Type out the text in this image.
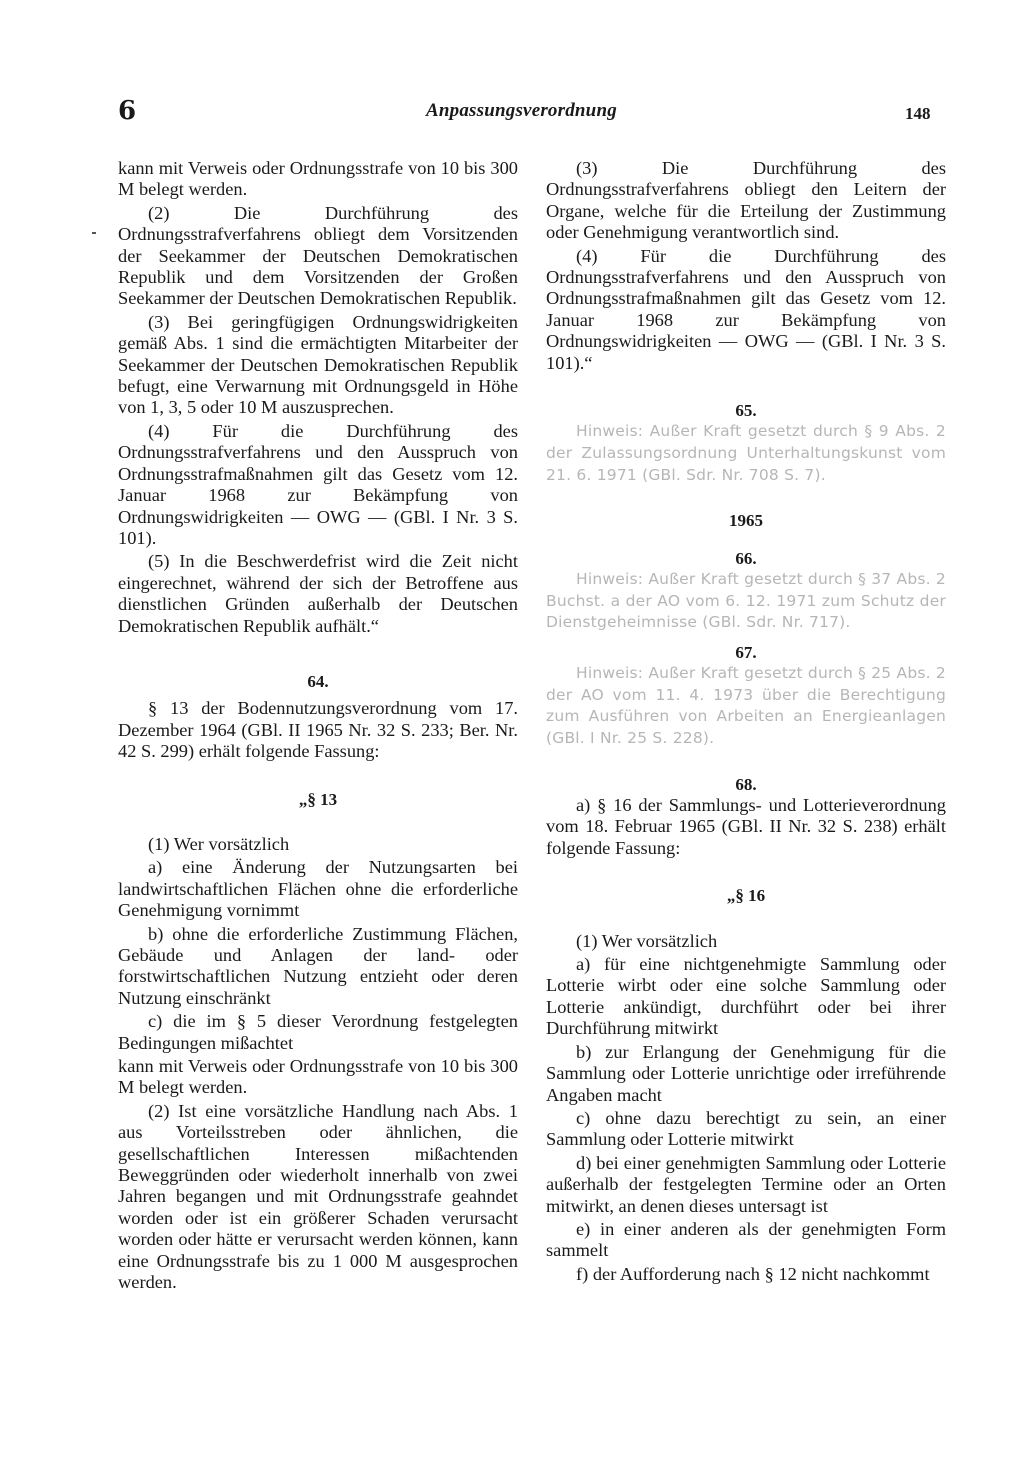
6	Anpassungsverordnung	148

kann mit Verweis oder Ordnungsstrafe von 10 bis 300 M belegt werden.

(2) Die Durchführung des Ordnungsstrafverfahrens obliegt dem Vorsitzenden der Seekammer der Deutschen Demokratischen Republik und dem Vorsitzenden der Großen Seekammer der Deutschen Demokratischen Republik.

(3) Bei geringfügigen Ordnungswidrigkeiten gemäß Abs. 1 sind die ermächtigten Mitarbeiter der Seekammer der Deutschen Demokratischen Republik befugt, eine Verwarnung mit Ordnungsgeld in Höhe von 1, 3, 5 oder 10 M auszusprechen.

(4) Für die Durchführung des Ordnungsstrafverfahrens und den Ausspruch von Ordnungsstrafmaßnahmen gilt das Gesetz vom 12. Januar 1968 zur Bekämpfung von Ordnungswidrigkeiten — OWG — (GBl. I Nr. 3 S. 101).

(5) In die Beschwerdefrist wird die Zeit nicht eingerechnet, während der sich der Betroffene aus dienstlichen Gründen außerhalb der Deutschen Demokratischen Republik aufhält.“

64.

§ 13 der Bodennutzungsverordnung vom 17. Dezember 1964 (GBl. II 1965 Nr. 32 S. 233; Ber. Nr. 42 S. 299) erhält folgende Fassung:

„§ 13

(1) Wer vorsätzlich

a) eine Änderung der Nutzungsarten bei landwirtschaftlichen Flächen ohne die erforderliche Genehmigung vornimmt

b) ohne die erforderliche Zustimmung Flächen, Gebäude und Anlagen der land- oder forstwirtschaftlichen Nutzung entzieht oder deren Nutzung einschränkt

c) die im § 5 dieser Verordnung festgelegten Bedingungen mißachtet

kann mit Verweis oder Ordnungsstrafe von 10 bis 300 M belegt werden.

(2) Ist eine vorsätzliche Handlung nach Abs. 1 aus Vorteilsstreben oder ähnlichen, die gesellschaftlichen Interessen mißachtenden Beweggründen oder wiederholt innerhalb von zwei Jahren begangen und mit Ordnungsstrafe geahndet worden oder ist ein größerer Schaden verursacht worden oder hätte er verursacht werden können, kann eine Ordnungsstrafe bis zu 1 000 M ausgesprochen werden.

(3) Die Durchführung des Ordnungsstrafverfahrens obliegt den Leitern der Organe, welche für die Erteilung der Zustimmung oder Genehmigung verantwortlich sind.

(4) Für die Durchführung des Ordnungsstrafverfahrens und den Ausspruch von Ordnungsstrafmaßnahmen gilt das Gesetz vom 12. Januar 1968 zur Bekämpfung von Ordnungswidrigkeiten — OWG — (GBl. I Nr. 3 S. 101).“

65.

Hinweis: Außer Kraft gesetzt durch § 9 Abs. 2 der Zulassungsordnung Unterhaltungskunst vom 21. 6. 1971 (GBl. Sdr. Nr. 708 S. 7).

1965

66.

Hinweis: Außer Kraft gesetzt durch § 37 Abs. 2 Buchst. a der AO vom 6. 12. 1971 zum Schutz der Dienstgeheimnisse (GBl. Sdr. Nr. 717).

67.

Hinweis: Außer Kraft gesetzt durch § 25 Abs. 2 der AO vom 11. 4. 1973 über die Berechtigung zum Ausführen von Arbeiten an Energieanlagen (GBl. I Nr. 25 S. 228).

68.

a) § 16 der Sammlungs- und Lotterieverordnung vom 18. Februar 1965 (GBl. II Nr. 32 S. 238) erhält folgende Fassung:

„§ 16

(1) Wer vorsätzlich

a) für eine nichtgenehmigte Sammlung oder Lotterie wirbt oder eine solche Sammlung oder Lotterie ankündigt, durchführt oder bei ihrer Durchführung mitwirkt

b) zur Erlangung der Genehmigung für die Sammlung oder Lotterie unrichtige oder irreführende Angaben macht

c) ohne dazu berechtigt zu sein, an einer Sammlung oder Lotterie mitwirkt

d) bei einer genehmigten Sammlung oder Lotterie außerhalb der festgelegten Termine oder an Orten mitwirkt, an denen dieses untersagt ist

e) in einer anderen als der genehmigten Form sammelt

f) der Aufforderung nach § 12 nicht nachkommt
